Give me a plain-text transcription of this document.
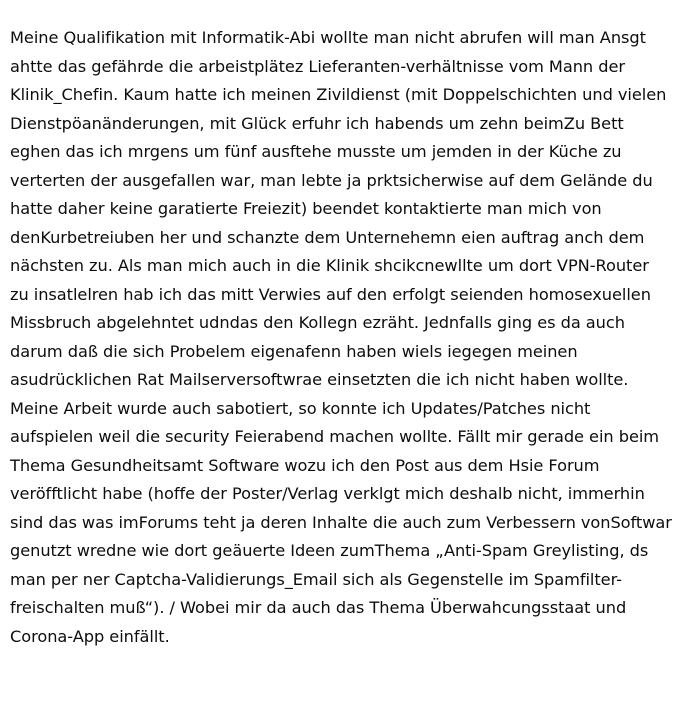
Meine Qualifikation mit Informatik-Abi wollte man nicht abrufen will man Ansgt ahtte das gefährde die arbeistplätez Lieferanten-verhältnisse vom Mann der Klinik_Chefin. Kaum hatte ich meinen Zivildienst (mit Doppelschichten und vielen Dienstpöanänderungen, mit Glück erfuhr ich habends um zehn beimZu Bett eghen das ich mrgens um fünf ausftehe musste um jemden in der Küche zu verterten der ausgefallen war, man lebte ja prktsicherwise auf dem Gelände du hatte daher keine garatierte Freiezit) beendet kontaktierte man mich von denKurbetreiuben her und schanzte dem Unternehemn eien auftrag anch dem nächsten zu. Als man mich auch in die Klinik shcikcnewllte um dort VPN-Router zu insatlelren hab ich das mitt Verwies auf den erfolgt seienden homosexuellen Missbruch abgelehntet udndas den Kollegn ezräht. Jednfalls ging es da auch darum daß die sich Probelem eigenafenn haben wiels iegegen meinen asudrücklichen Rat Mailserversoftwrae einsetzten die ich nicht haben wollte. Meine Arbeit wurde auch sabotiert, so konnte ich Updates/Patches nicht aufspielen weil die security Feierabend machen wollte. Fällt mir gerade ein beim Thema Gesundheitsamt Software wozu ich den Post aus dem Hsie Forum veröfftlicht habe (hoffe der Poster/Verlag verklgt mich deshalb nicht, immerhin sind das was imForums teht ja deren Inhalte die auch zum Verbessern vonSoftwar genutzt wredne wie dort geäuerte Ideen zumThema „Anti-Spam Greylisting, ds man per ner Captcha-Validierungs_Email sich als Gegenstelle im Spamfilter-freischalten muß“). / Wobei mir da auch das Thema Überwahcungsstaat und Corona-App einfällt.
